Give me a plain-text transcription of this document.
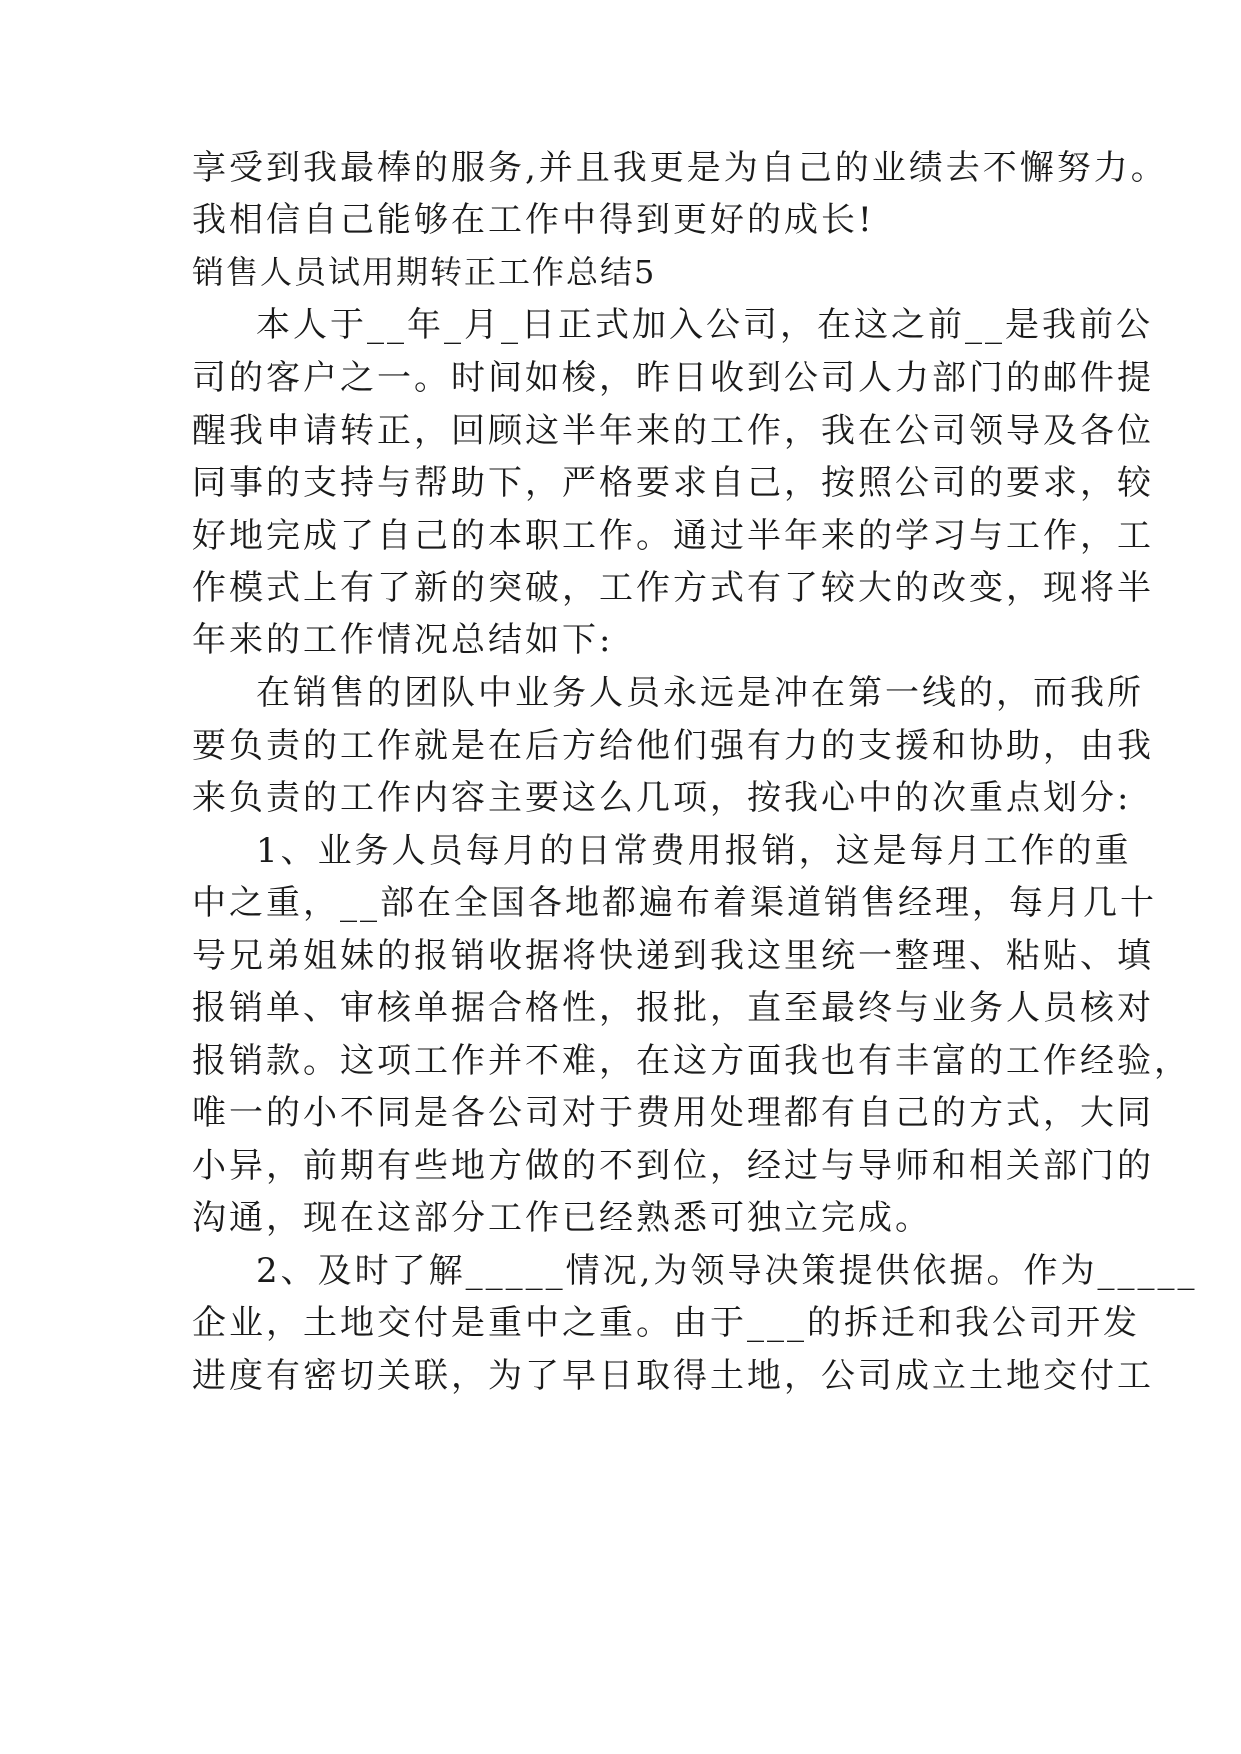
享受到我最棒的服务,并且我更是为自己的业绩去不懈努力。
我相信自己能够在工作中得到更好的成长!
销售人员试用期转正工作总结5
本人于__年_月_日正式加入公司，在这之前__是我前公
司的客户之一。时间如梭，昨日收到公司人力部门的邮件提
醒我申请转正，回顾这半年来的工作，我在公司领导及各位
同事的支持与帮助下，严格要求自己，按照公司的要求，较
好地完成了自己的本职工作。通过半年来的学习与工作，工
作模式上有了新的突破，工作方式有了较大的改变，现将半
年来的工作情况总结如下:
在销售的团队中业务人员永远是冲在第一线的，而我所
要负责的工作就是在后方给他们强有力的支援和协助，由我
来负责的工作内容主要这么几项，按我心中的次重点划分:
1、业务人员每月的日常费用报销，这是每月工作的重
中之重，__部在全国各地都遍布着渠道销售经理，每月几十
号兄弟姐妹的报销收据将快递到我这里统一整理、粘贴、填
报销单、审核单据合格性，报批，直至最终与业务人员核对
报销款。这项工作并不难，在这方面我也有丰富的工作经验，
唯一的小不同是各公司对于费用处理都有自己的方式，大同
小异，前期有些地方做的不到位，经过与导师和相关部门的
沟通，现在这部分工作已经熟悉可独立完成。
2、及时了解_____情况,为领导决策提供依据。作为_____
企业，土地交付是重中之重。由于___的拆迁和我公司开发
进度有密切关联，为了早日取得土地，公司成立土地交付工
